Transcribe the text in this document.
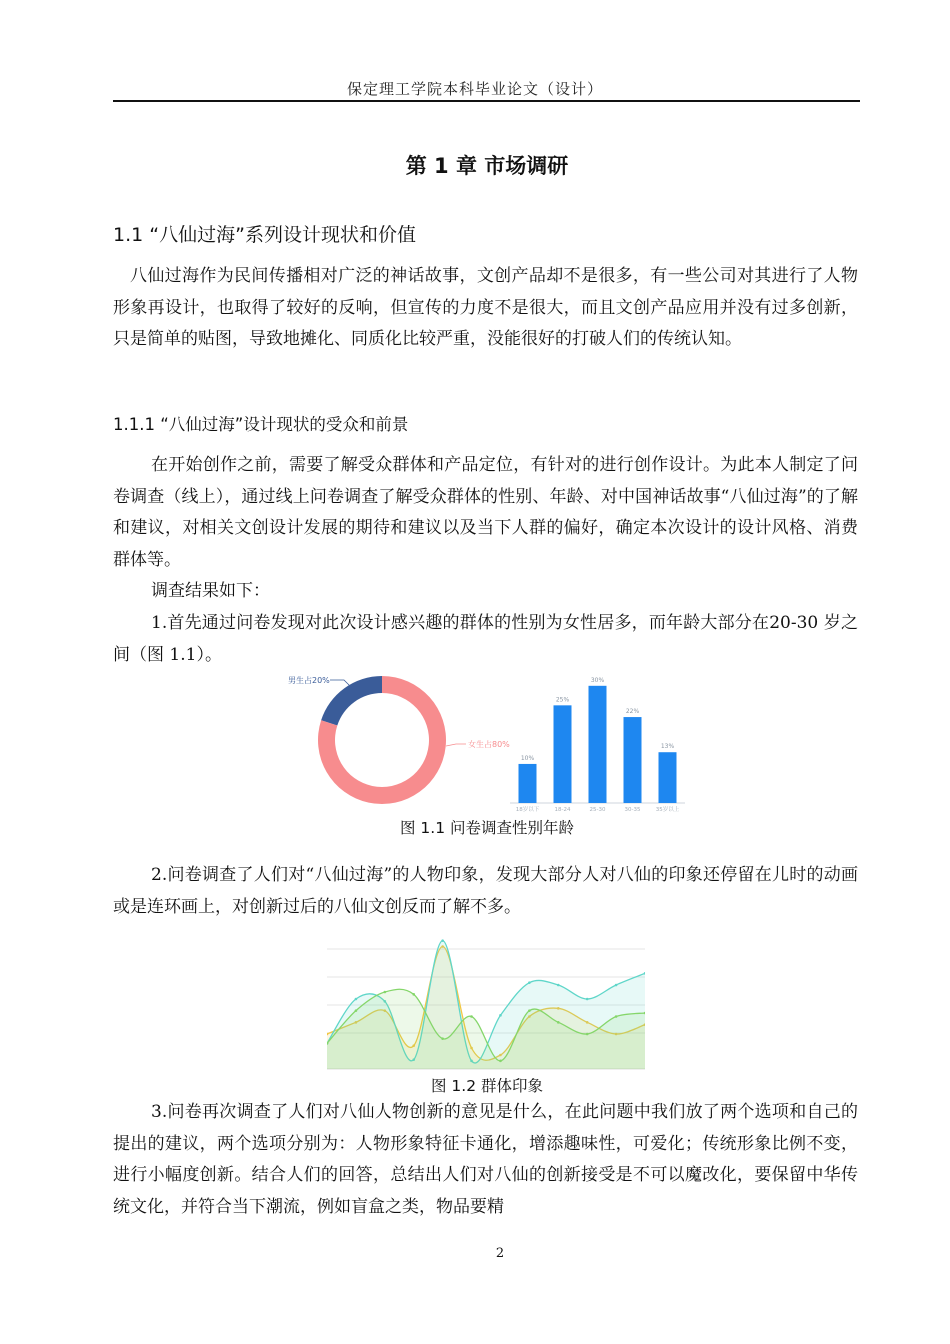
保定理工学院本科毕业论文（设计）
第 1 章 市场调研
1.1 “八仙过海”系列设计现状和价值

八仙过海作为民间传播相对广泛的神话故事，文创产品却不是很多，有一些公司对其进行了人物形象再设计，也取得了较好的反响，但宣传的力度不是很大，而且文创产品应用并没有过多创新，只是简单的贴图，导致地摊化、同质化比较严重，没能很好的打破人们的传统认知。

1.1.1 “八仙过海”设计现状的受众和前景

在开始创作之前，需要了解受众群体和产品定位，有针对的进行创作设计。为此本人制定了问卷调查（线上），通过线上问卷调查了解受众群体的性别、年龄、对中国神话故事“八仙过海”的了解和建议，对相关文创设计发展的期待和建议以及当下人群的偏好，确定本次设计的设计风格、消费群体等。

调查结果如下：

1.首先通过问卷发现对此次设计感兴趣的群体的性别为女性居多，而年龄大部分在20-30 岁之间（图 1.1）。

男生占20%
女生占80%
10%
18岁以下
25%
18-24
30%
25-30
22%
30-35
13%
35岁以上
图 1.1 问卷调查性别年龄

2.问卷调查了人们对“八仙过海”的人物印象，发现大部分人对八仙的印象还停留在儿时的动画或是连环画上，对创新过后的八仙文创反而了解不多。

图 1.2 群体印象

3.问卷再次调查了人们对八仙人物创新的意见是什么，在此问题中我们放了两个选项和自己的提出的建议，两个选项分别为：人物形象特征卡通化，增添趣味性，可爱化；传统形象比例不变，进行小幅度创新。结合人们的回答，总结出人们对八仙的创新接受是不可以魔改化，要保留中华传统文化，并符合当下潮流，例如盲盒之类，物品要精

2
